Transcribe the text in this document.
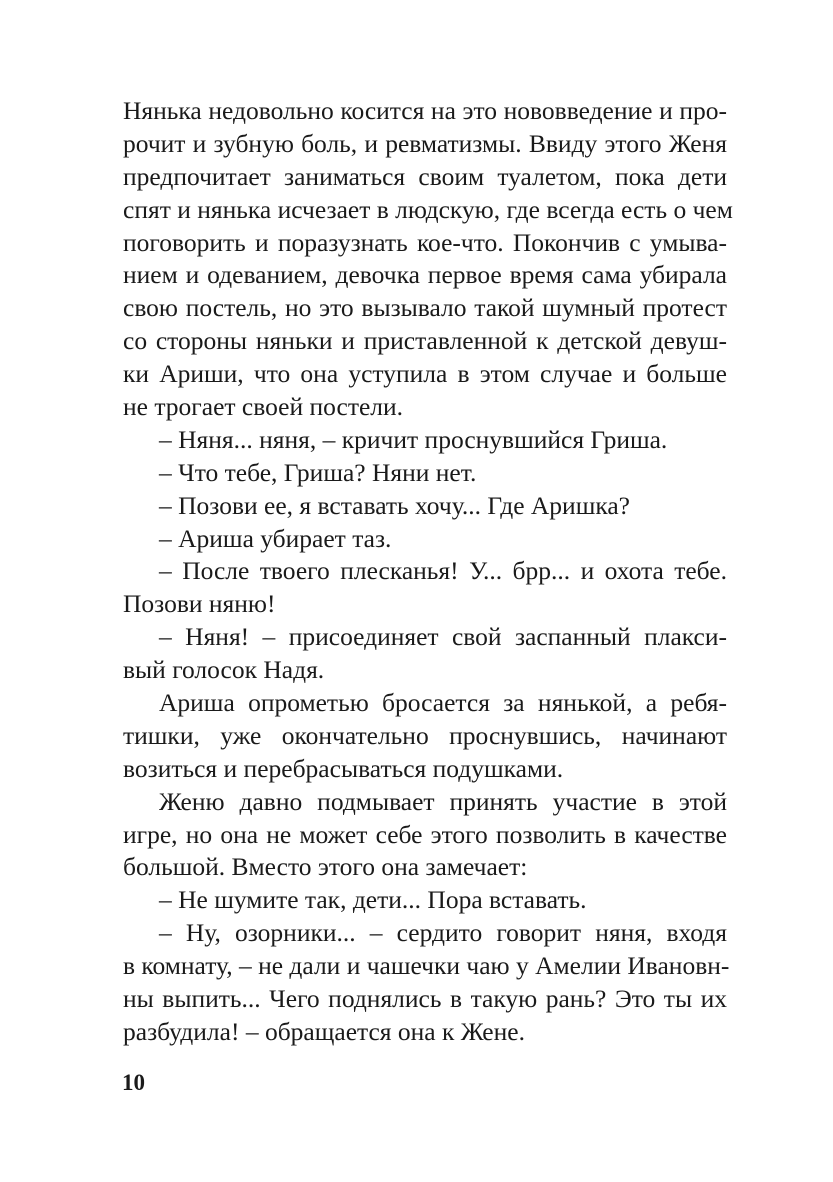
Нянька недовольно косится на это нововведение и про-
рочит и зубную боль, и ревматизмы. Ввиду этого Женя
предпочитает заниматься своим туалетом, пока дети
спят и нянька исчезает в людскую, где всегда есть о чем
поговорить и поразузнать кое-что. Покончив с умыва-
нием и одеванием, девочка первое время сама убирала
свою постель, но это вызывало такой шумный протест
со стороны няньки и приставленной к детской девуш-
ки Ариши, что она уступила в этом случае и больше
не трогает своей постели.
– Няня... няня, – кричит проснувшийся Гриша.
– Что тебе, Гриша? Няни нет.
– Позови ее, я вставать хочу... Где Аришка?
– Ариша убирает таз.
– После твоего плесканья! У... брр... и охота тебе.
Позови няню!
– Няня! – присоединяет свой заспанный плакси-
вый голосок Надя.
Ариша опрометью бросается за нянькой, а ребя-
тишки, уже окончательно проснувшись, начинают
возиться и перебрасываться подушками.
Женю давно подмывает принять участие в этой
игре, но она не может себе этого позволить в качестве
большой. Вместо этого она замечает:
– Не шумите так, дети... Пора вставать.
– Ну, озорники... – сердито говорит няня, входя
в комнату, – не дали и чашечки чаю у Амелии Ивановн-
ны выпить... Чего поднялись в такую рань? Это ты их
разбудила! – обращается она к Жене.
10
